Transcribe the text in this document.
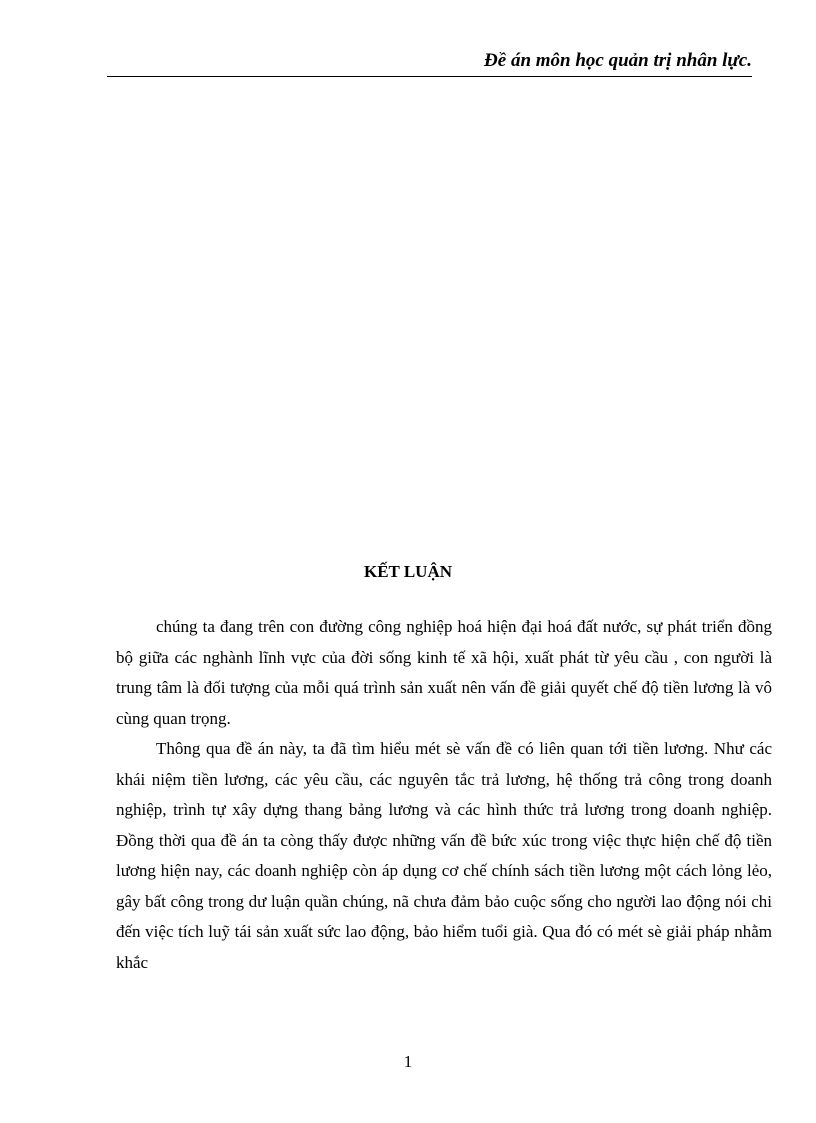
Đề án môn học quản trị nhân lực.
KẾT LUẬN

chúng ta đang trên con đường công nghiệp hoá hiện đại hoá đất nước, sự phát triển đồng bộ giữa các nghành lĩnh vực của đời sống kinh tế xã hội, xuất phát từ yêu cầu , con người là trung tâm là đối tượng của mỗi quá trình sản xuất nên vấn đề giải quyết chế độ tiền lương là vô cùng quan trọng.

Thông qua đề án này, ta đã tìm hiểu mét sè vấn đề có liên quan tới tiền lương. Như các khái niệm tiền lương, các yêu cầu, các nguyên tắc trả lương, hệ thống trả công trong doanh nghiệp, trình tự xây dựng thang bảng lương và các hình thức trả lương trong doanh nghiệp. Đồng thời qua đề án ta còng thấy được những vấn đề bức xúc trong việc thực hiện chế độ tiền lương hiện nay, các doanh nghiệp còn áp dụng cơ chế chính sách tiền lương một cách lỏng lẻo, gây bất công trong dư luận quần chúng, nã chưa đảm bảo cuộc sống cho người lao động nói chi đến việc tích luỹ tái sản xuất sức lao động, bảo hiểm tuổi già. Qua đó có mét sè giải pháp nhằm khắc

1
